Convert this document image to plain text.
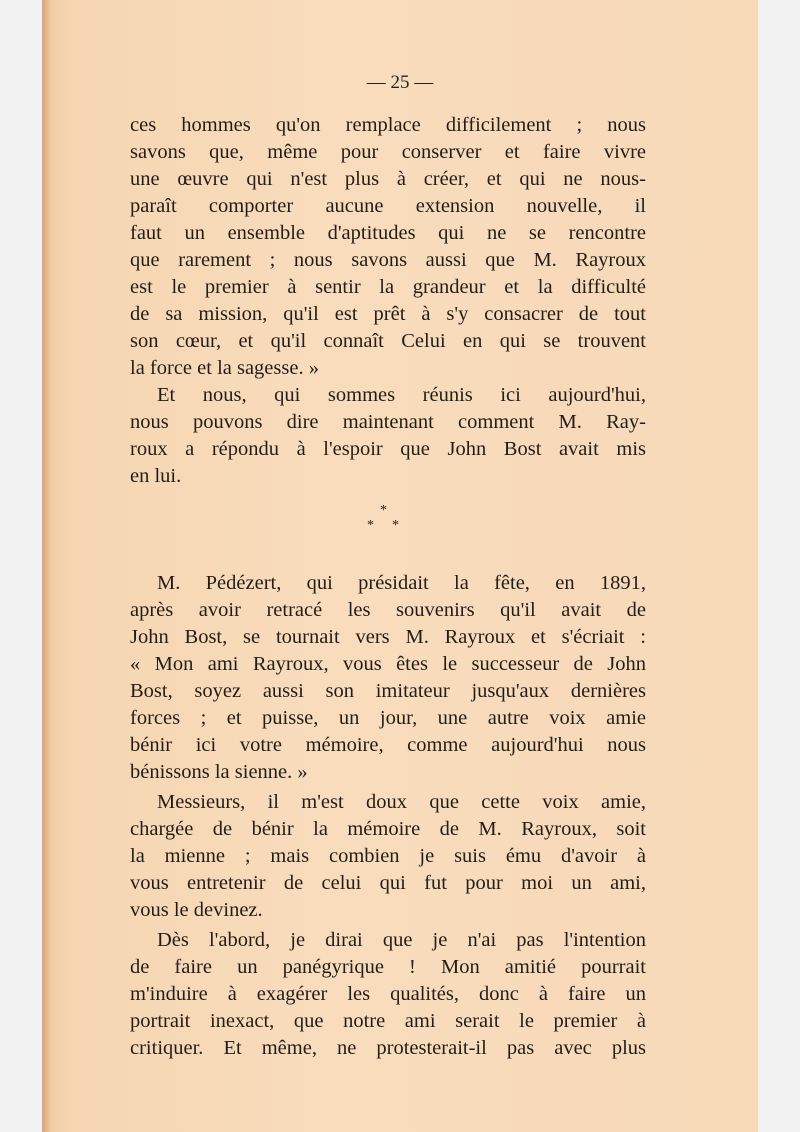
— 25 —

ces hommes qu'on remplace difficilement ; nous

savons que, même pour conserver et faire vivre

une œuvre qui n'est plus à créer, et qui ne nous-

paraît comporter aucune extension nouvelle, il

faut un ensemble d'aptitudes qui ne se rencontre

que rarement ; nous savons aussi que M. Rayroux

est le premier à sentir la grandeur et la difficulté

de sa mission, qu'il est prêt à s'y consacrer de tout

son cœur, et qu'il connaît Celui en qui se trouvent

la force et la sagesse. »

Et nous, qui sommes réunis ici aujourd'hui,

nous pouvons dire maintenant comment M. Ray-

roux a répondu à l'espoir que John Bost avait mis

en lui.

*
* *

M. Pédézert, qui présidait la fête, en 1891,

après avoir retracé les souvenirs qu'il avait de

John Bost, se tournait vers M. Rayroux et s'écriait :

« Mon ami Rayroux, vous êtes le successeur de John

Bost, soyez aussi son imitateur jusqu'aux dernières

forces ; et puisse, un jour, une autre voix amie

bénir ici votre mémoire, comme aujourd'hui nous

bénissons la sienne. »

Messieurs, il m'est doux que cette voix amie,

chargée de bénir la mémoire de M. Rayroux, soit

la mienne ; mais combien je suis ému d'avoir à

vous entretenir de celui qui fut pour moi un ami,

vous le devinez.

Dès l'abord, je dirai que je n'ai pas l'intention

de faire un panégyrique ! Mon amitié pourrait

m'induire à exagérer les qualités, donc à faire un

portrait inexact, que notre ami serait le premier à

critiquer. Et même, ne protesterait-il pas avec plus
